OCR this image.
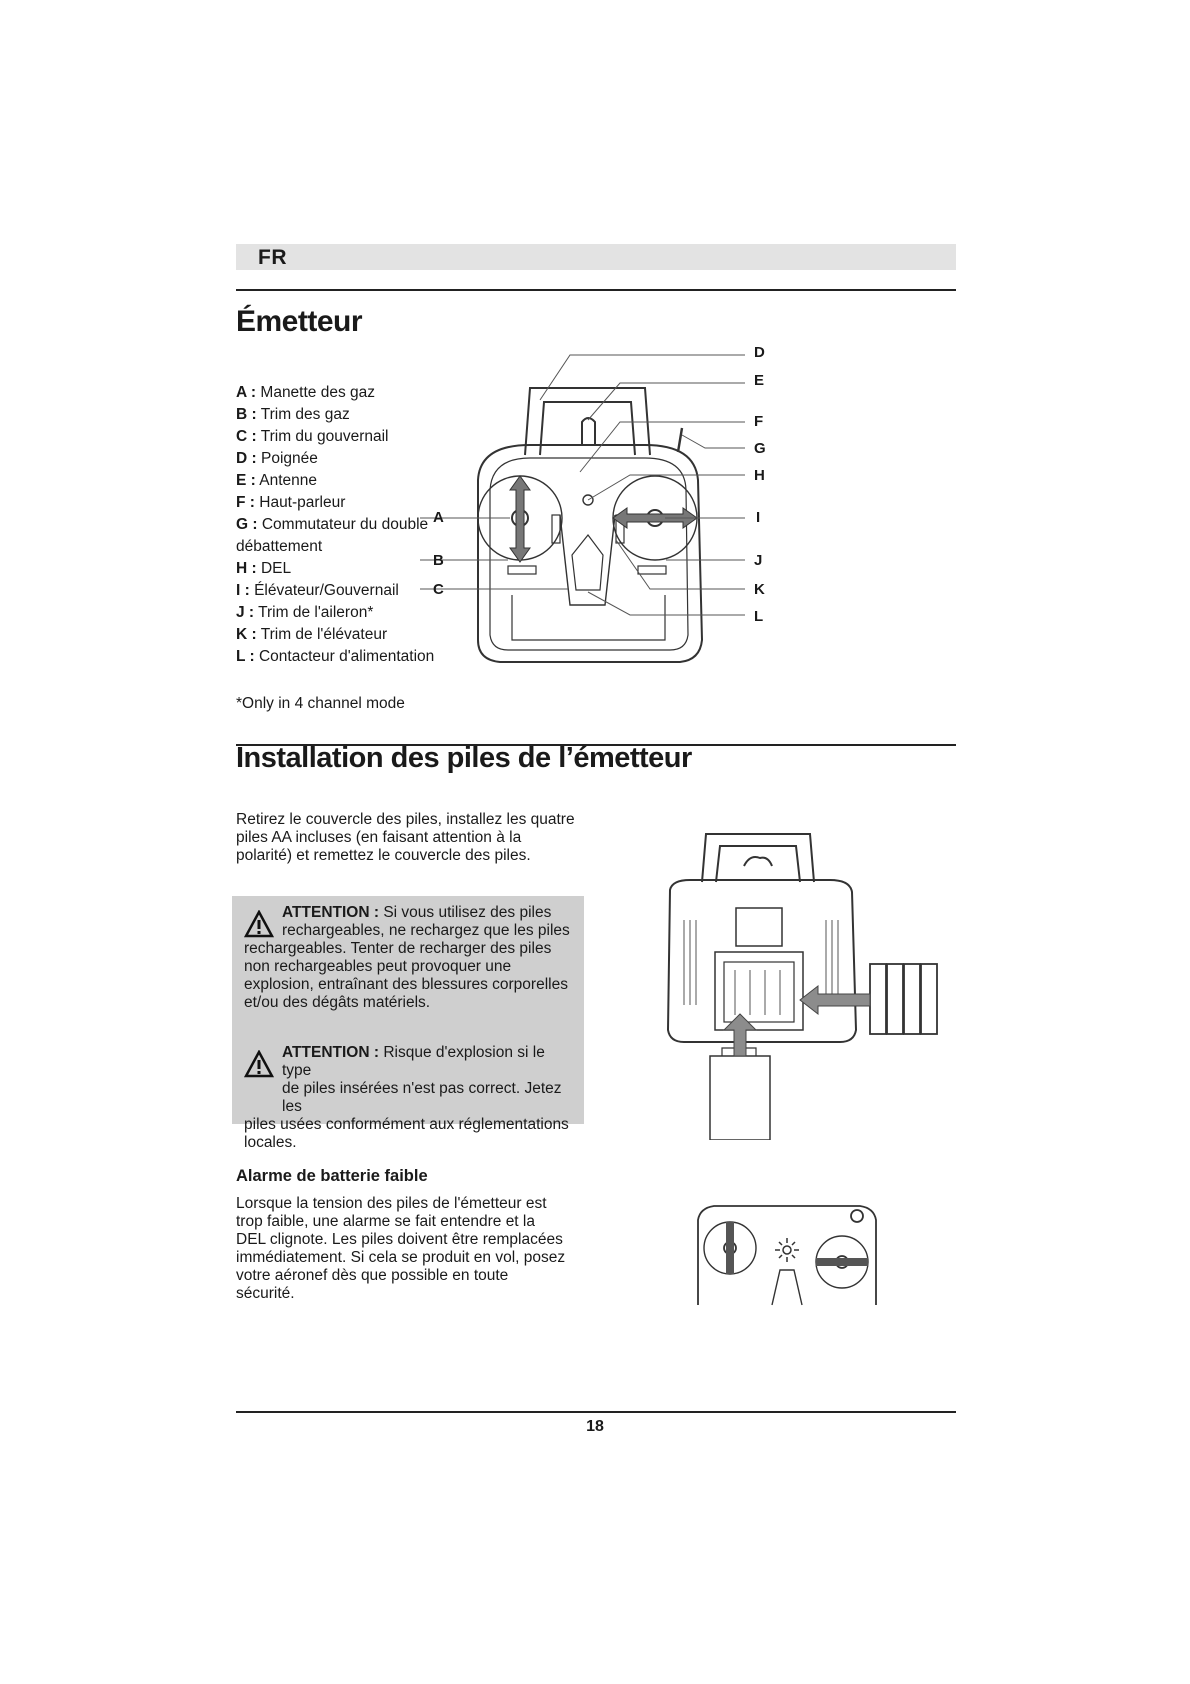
FR
Émetteur
A : Manette des gaz
B : Trim des gaz
C : Trim du gouvernail
D : Poignée
E : Antenne
F : Haut-parleur
G : Commutateur du double débattement
H : DEL
I : Élévateur/Gouvernail
J : Trim de l'aileron*
K : Trim de l'élévateur
L : Contacteur d'alimentation
*Only in 4 channel mode
D
E
F
G
H
I
A
B	J
C	K
L
Installation des piles de l’émetteur
Retirez le couvercle des piles, installez les quatre piles AA incluses (en faisant attention à la polarité) et remettez le couvercle des piles.
ATTENTION : Si vous utilisez des piles
rechargeables, ne rechargez que les piles
rechargeables. Tenter de recharger des piles non rechargeables peut provoquer une explosion, entraînant des blessures corporelles et/ou des dégâts matériels.
ATTENTION : Risque d'explosion si le type
de piles insérées n'est pas correct. Jetez les
piles usées conformément aux réglementations locales.
Alarme de batterie faible
Lorsque la tension des piles de l'émetteur est trop faible, une alarme se fait entendre et la DEL clignote. Les piles doivent être remplacées immédiatement. Si cela se produit en vol, posez votre aéronef dès que possible en toute sécurité.
18
